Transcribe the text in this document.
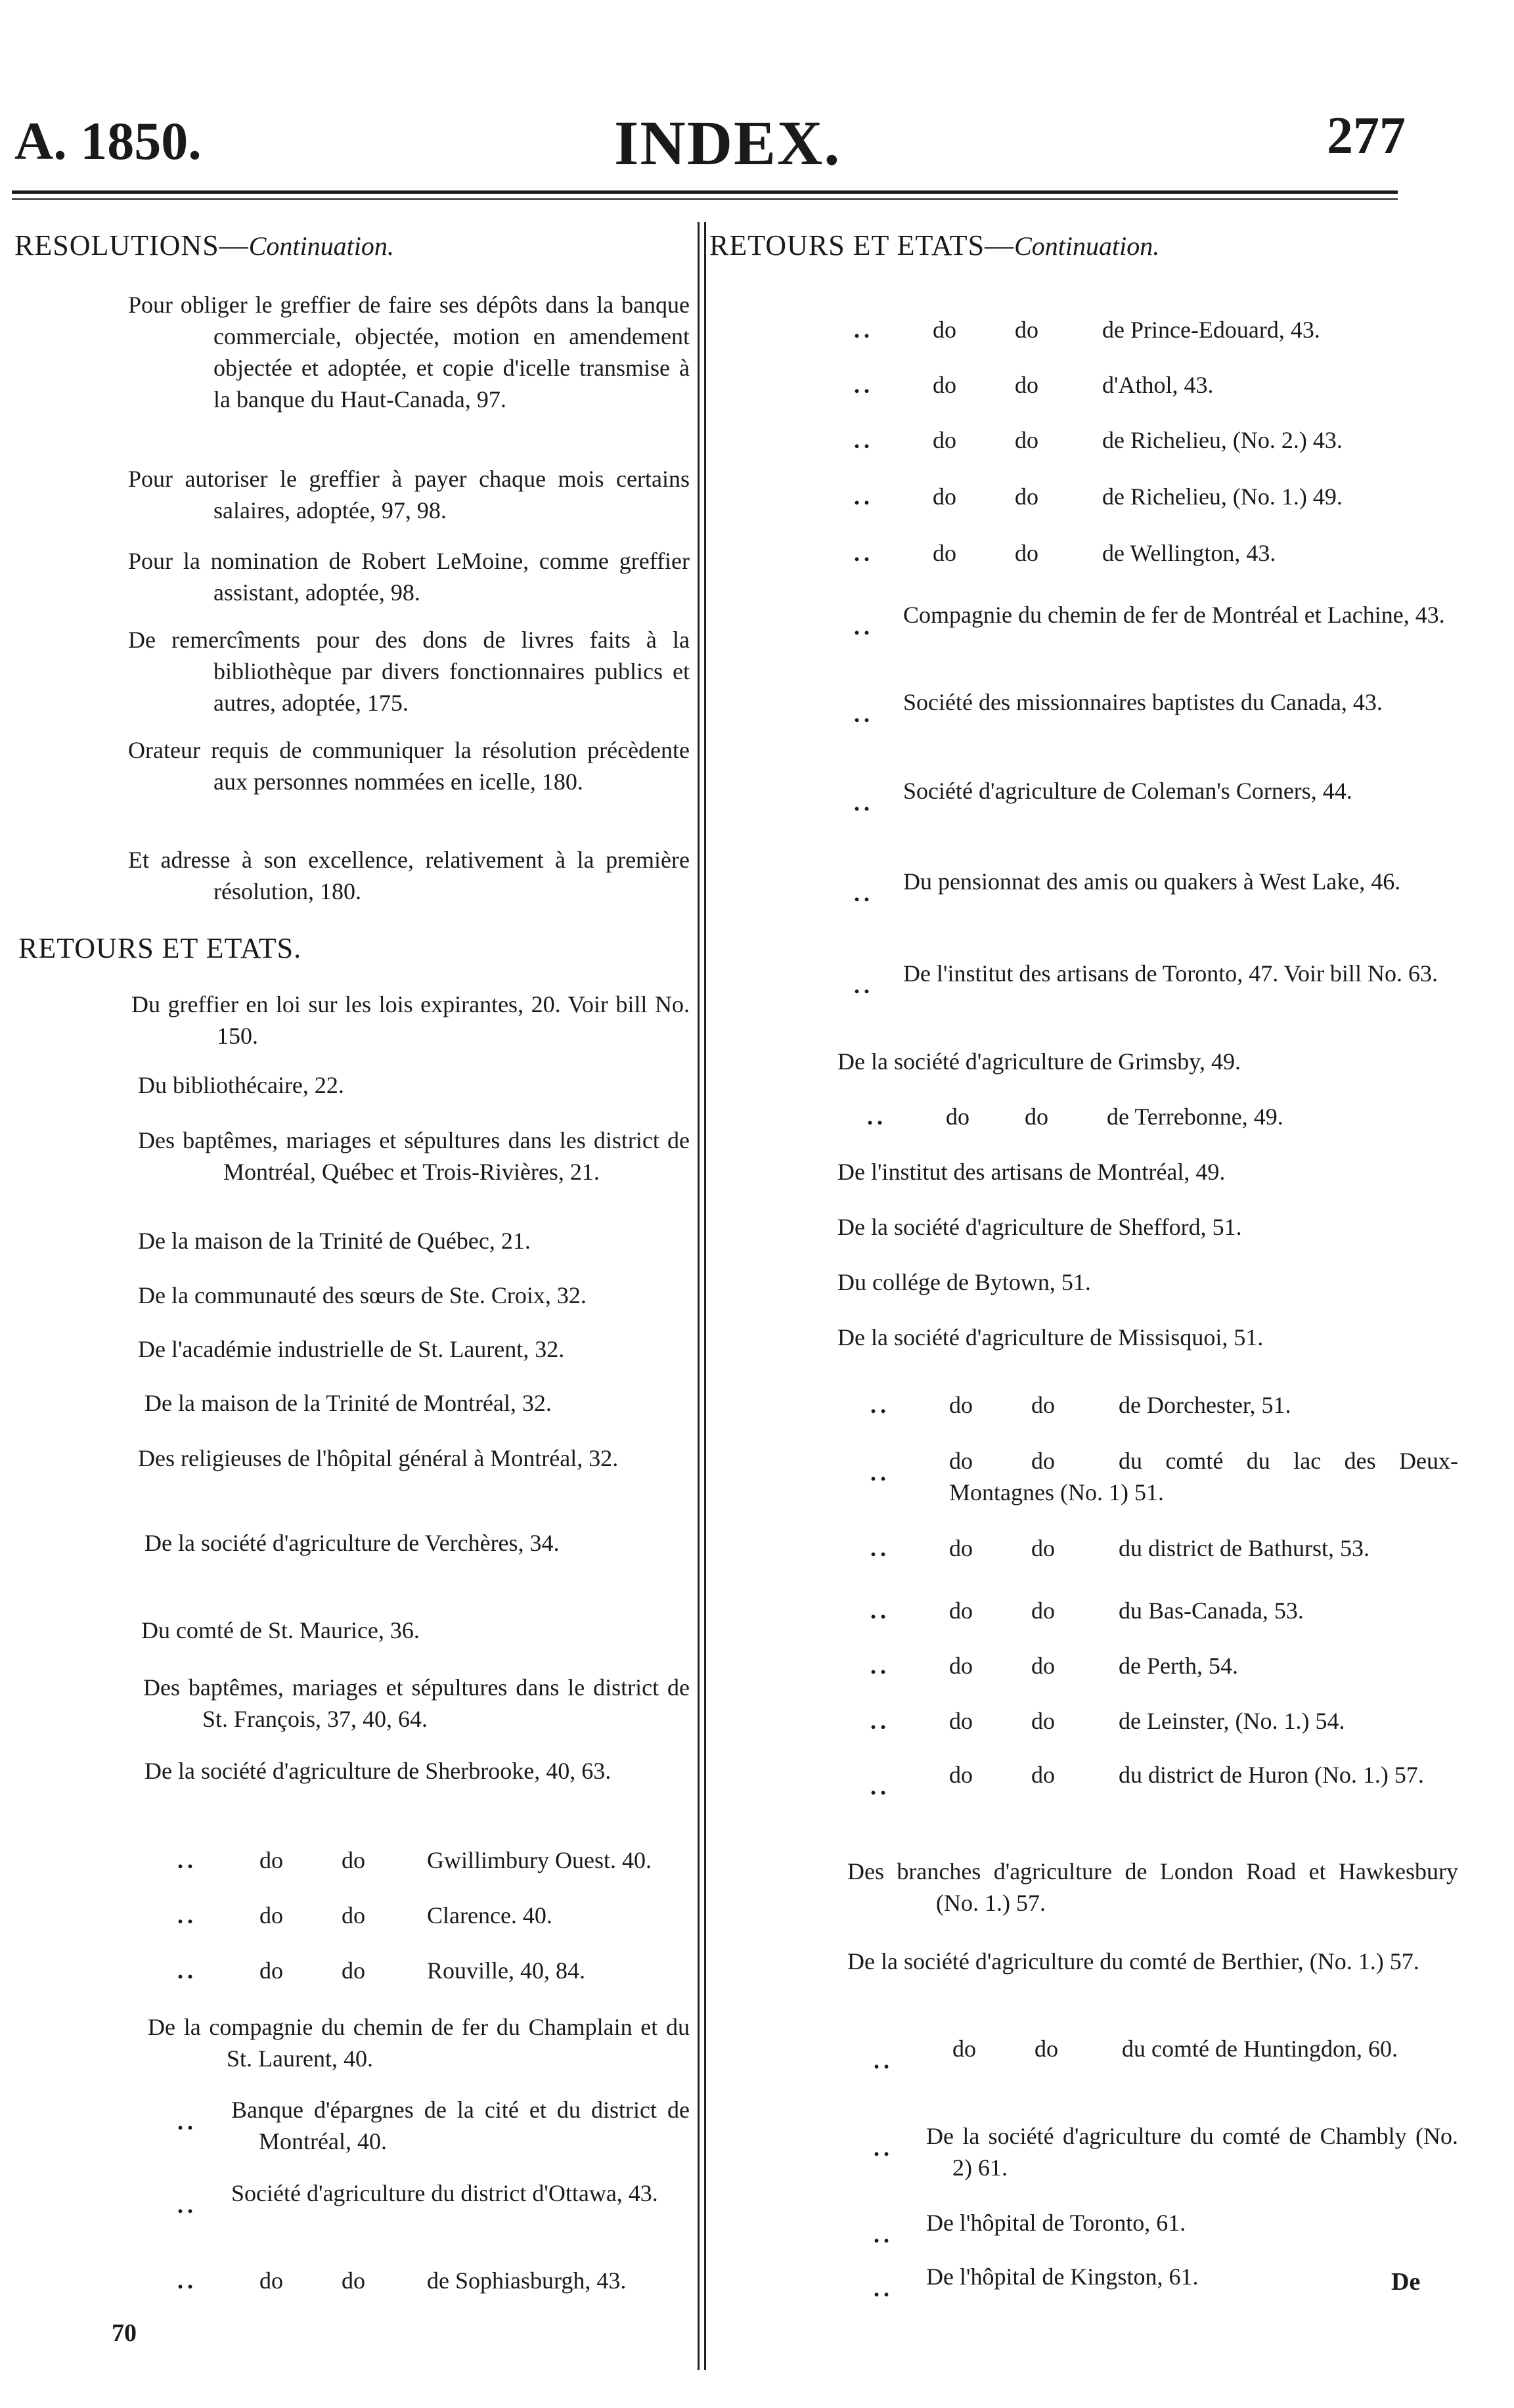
A. 1850.	INDEX.	277
RESOLUTIONS—Continuation.
Pour obliger le greffier de faire ses dépôts dans la banque commerciale, objectée, motion en amendement objectée et adoptée, et copie d'icelle transmise à la banque du Haut-Canada, 97.
Pour autoriser le greffier à payer chaque mois certains salaires, adoptée, 97, 98.
Pour la nomination de Robert LeMoine, comme greffier assistant, adoptée, 98.
De remercîments pour des dons de livres faits à la bibliothèque par divers fonctionnaires publics et autres, adoptée, 175.
Orateur requis de communiquer la résolution précèdente aux personnes nommées en icelle, 180.
Et adresse à son excellence, relativement à la première résolution, 180.
RETOURS ET ETATS.
Du greffier en loi sur les lois expirantes, 20. Voir bill No. 150.
Du bibliothécaire, 22.
Des baptêmes, mariages et sépultures dans les district de Montréal, Québec et Trois-Rivières, 21.
De la maison de la Trinité de Québec, 21.
De la communauté des sœurs de Ste. Croix, 32.
De l'académie industrielle de St. Laurent, 32.
De la maison de la Trinité de Montréal, 32.
Des religieuses de l'hôpital général à Montréal, 32.
De la société d'agriculture de Verchères, 34.
Du comté de St. Maurice, 36.
Des baptêmes, mariages et sépultures dans le district de St. François, 37, 40, 64.
De la société d'agriculture de Sherbrooke, 40, 63.
..	do do	Gwillimbury Ouest. 40.
..	do do	Clarence. 40.
..	do do	Rouville, 40, 84.
De la compagnie du chemin de fer du Champlain et du St. Laurent, 40.
.. Banque d'épargnes de la cité et du district de Montréal, 40.
.. Société d'agriculture du district d'Ottawa, 43.
..	do do	de Sophiasburgh, 43.
RETOURS ET ETATS—Continuation.
..	do do	de Prince-Edouard, 43.
..	do do	d'Athol, 43.
..	do do	de Richelieu, (No. 2.) 43.
..	do do	de Richelieu, (No. 1.) 49.
..	do do	de Wellington, 43.
.. Compagnie du chemin de fer de Montréal et Lachine, 43.
.. Société des missionnaires baptistes du Canada, 43.
.. Société d'agriculture de Coleman's Corners, 44.
.. Du pensionnat des amis ou quakers à West Lake, 46.
.. De l'institut des artisans de Toronto, 47. Voir bill No. 63.
De la société d'agriculture de Grimsby, 49.
..	do do de Terrebonne, 49.
De l'institut des artisans de Montréal, 49.
De la société d'agriculture de Shefford, 51.
Du collége de Bytown, 51.
De la société d'agriculture de Missisquoi, 51.
..	do do	de Dorchester, 51.
..	do do	du comté du lac des Deux-Montagnes (No. 1) 51.
..	do do	du district de Bathurst, 53.
..	do do	du Bas-Canada, 53.
..	do do	de Perth, 54.
..	do do	de Leinster, (No. 1.) 54.
..	do do	du district de Huron (No. 1.) 57.
Des branches d'agriculture de London Road et Hawkesbury (No. 1.) 57.
De la société d'agriculture du comté de Berthier, (No. 1.) 57.
..	do do	du comté de Huntingdon, 60.
.. De la société d'agriculture du comté de Chambly (No. 2) 61.
.. De l'hôpital de Toronto, 61.
.. De l'hôpital de Kingston, 61.
70
De
